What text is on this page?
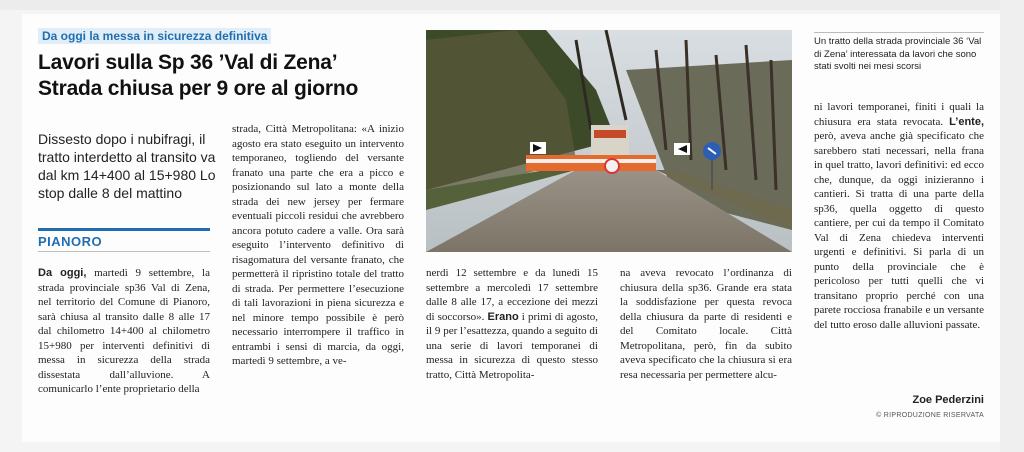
Da oggi la messa in sicurezza definitiva
Lavori sulla Sp 36 ’Val di Zena’
Strada chiusa per 9 ore al giorno
Dissesto dopo i nubifragi, il tratto interdetto al transito va dal km 14+400 al 15+980 Lo stop dalle 8 del mattino
PIANORO
Da oggi, martedì 9 settembre, la strada provinciale sp36 Val di Zena, nel territorio del Comune di Pianoro, sarà chiusa al transito dalle 8 alle 17 dal chilometro 14+400 al chilometro 15+980 per interventi definitivi di messa in sicurezza della strada dissestata dall’alluvione. A comunicarlo l’ente proprietario della
strada, Città Metropolitana: «A inizio agosto era stato eseguito un intervento temporaneo, togliendo del versante franato una parte che era a picco e posizionando sul lato a monte della strada dei new jersey per fermare eventuali piccoli residui che avrebbero ancora potuto cadere a valle. Ora sarà eseguito l’intervento definitivo di risagomatura del versante franato, che permetterà il ripristino totale del tratto di strada. Per permettere l’esecuzione di tali lavorazioni in piena sicurezza e nel minore tempo possibile è però necessario interrompere il traffico in entrambi i sensi di marcia, da oggi, martedì 9 settembre, a ve-
nerdì 12 settembre e da lunedì 15 settembre a mercoledì 17 settembre dalle 8 alle 17, a eccezione dei mezzi di soccorso». Erano i primi di agosto, il 9 per l’esattezza, quando a seguito di una serie di lavori temporanei di messa in sicurezza di questo stesso tratto, Città Metropolita-
na aveva revocato l’ordinanza di chiusura della sp36. Grande era stata la soddisfazione per questa revoca della chiusura da parte di residenti e del Comitato locale. Città Metropolitana, però, fin da subito aveva specificato che la chiusura si era resa necessaria per permettere alcu-
Un tratto della strada provinciale 36 ‘Val di Zena’ interessata da lavori che sono stati svolti nei mesi scorsi
ni lavori temporanei, finiti i quali la chiusura era stata revocata. L’ente, però, aveva anche già specificato che sarebbero stati necessari, nella frana in quel tratto, lavori definitivi: ed ecco che, dunque, da oggi inizieranno i cantieri. Si tratta di una parte della sp36, quella oggetto di questo cantiere, per cui da tempo il Comitato Val di Zena chiedeva interventi urgenti e definitivi. Si parla di un punto della provinciale che è pericoloso per tutti quelli che vi transitano proprio perché con una parete rocciosa franabile e un versante del tutto eroso dalle alluvioni passate.
Zoe Pederzini
© RIPRODUZIONE RISERVATA
